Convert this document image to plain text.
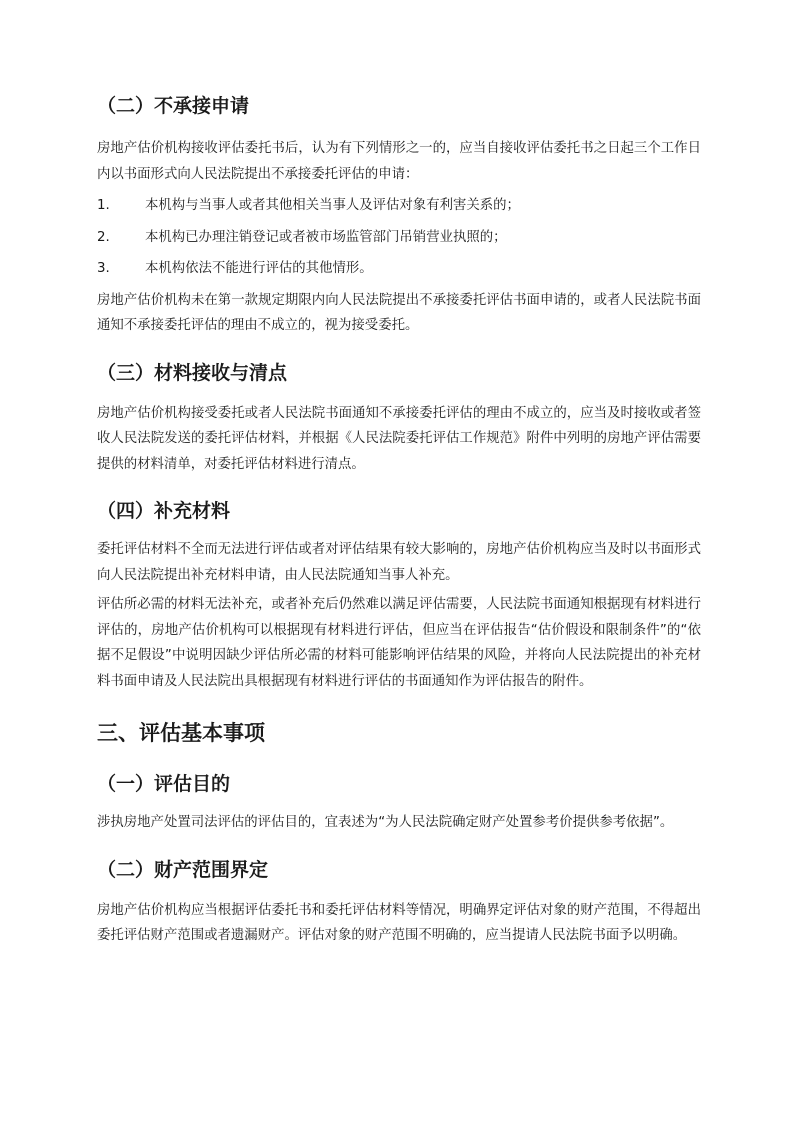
（二）不承接申请
房地产估价机构接收评估委托书后，认为有下列情形之一的，应当自接收评估委托书之日起三个工作日内以书面形式向人民法院提出不承接委托评估的申请：
1.	本机构与当事人或者其他相关当事人及评估对象有利害关系的；
2.	本机构已办理注销登记或者被市场监管部门吊销营业执照的；
3.	本机构依法不能进行评估的其他情形。
房地产估价机构未在第一款规定期限内向人民法院提出不承接委托评估书面申请的，或者人民法院书面通知不承接委托评估的理由不成立的，视为接受委托。
（三）材料接收与清点
房地产估价机构接受委托或者人民法院书面通知不承接委托评估的理由不成立的，应当及时接收或者签收人民法院发送的委托评估材料，并根据《人民法院委托评估工作规范》附件中列明的房地产评估需要提供的材料清单，对委托评估材料进行清点。
（四）补充材料
委托评估材料不全而无法进行评估或者对评估结果有较大影响的，房地产估价机构应当及时以书面形式向人民法院提出补充材料申请，由人民法院通知当事人补充。
评估所必需的材料无法补充，或者补充后仍然难以满足评估需要，人民法院书面通知根据现有材料进行评估的，房地产估价机构可以根据现有材料进行评估，但应当在评估报告“估价假设和限制条件”的“依据不足假设”中说明因缺少评估所必需的材料可能影响评估结果的风险，并将向人民法院提出的补充材料书面申请及人民法院出具根据现有材料进行评估的书面通知作为评估报告的附件。
三、评估基本事项
（一）评估目的
涉执房地产处置司法评估的评估目的，宜表述为“为人民法院确定财产处置参考价提供参考依据”。
（二）财产范围界定
房地产估价机构应当根据评估委托书和委托评估材料等情况，明确界定评估对象的财产范围，不得超出委托评估财产范围或者遗漏财产。评估对象的财产范围不明确的，应当提请人民法院书面予以明确。
